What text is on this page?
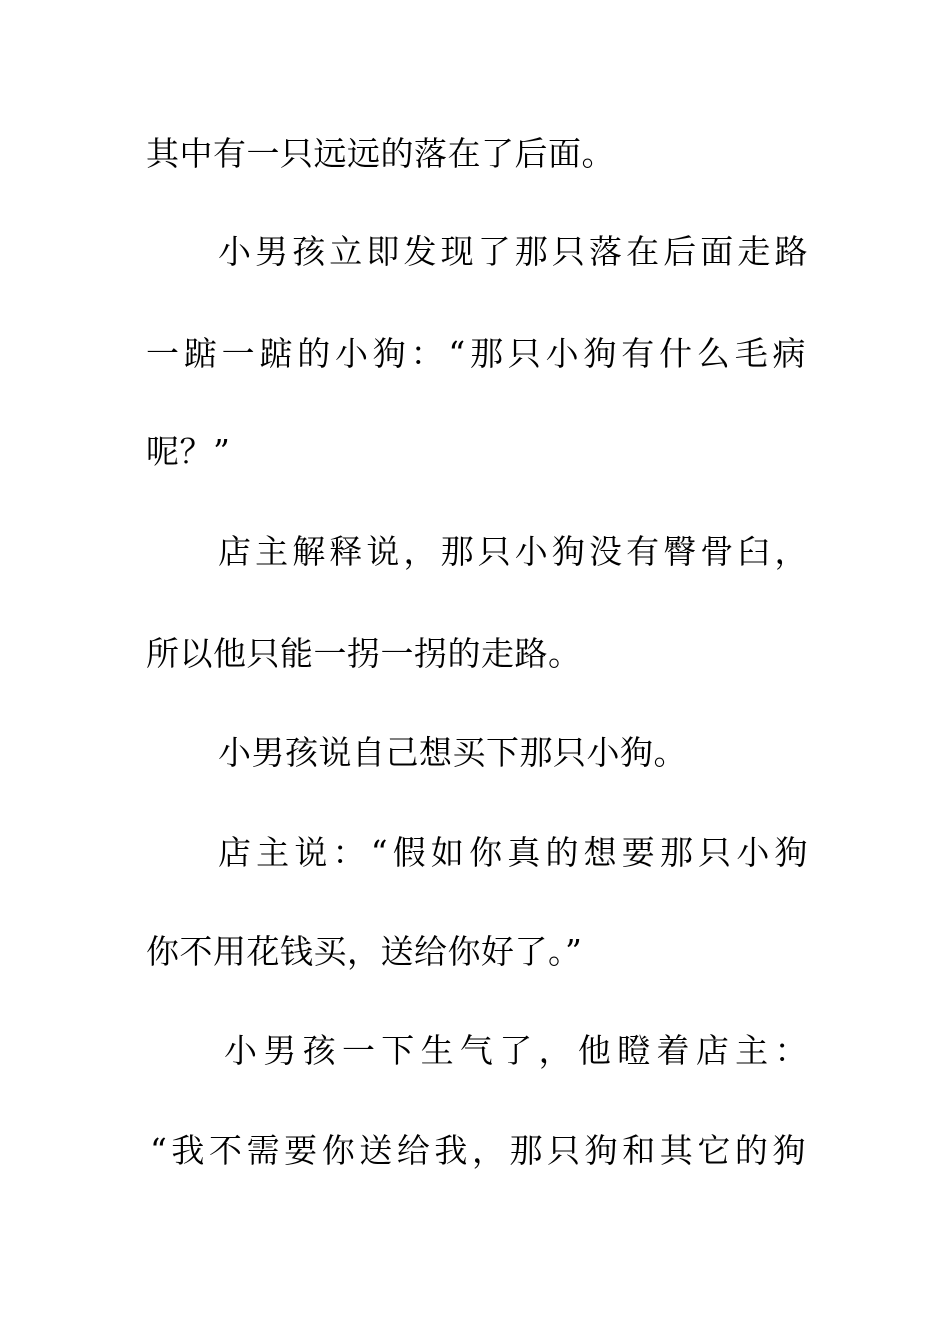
其中有一只远远的落在了后面。
小男孩立即发现了那只落在后面走路
一踮一踮的小狗：“那只小狗有什么毛病
呢？”
店主解释说，那只小狗没有臀骨臼，
所以他只能一拐一拐的走路。
小男孩说自己想买下那只小狗。
店主说：“假如你真的想要那只小狗
你不用花钱买，送给你好了。”
小男孩一下生气了，他瞪着店主：
“我不需要你送给我，那只狗和其它的狗
